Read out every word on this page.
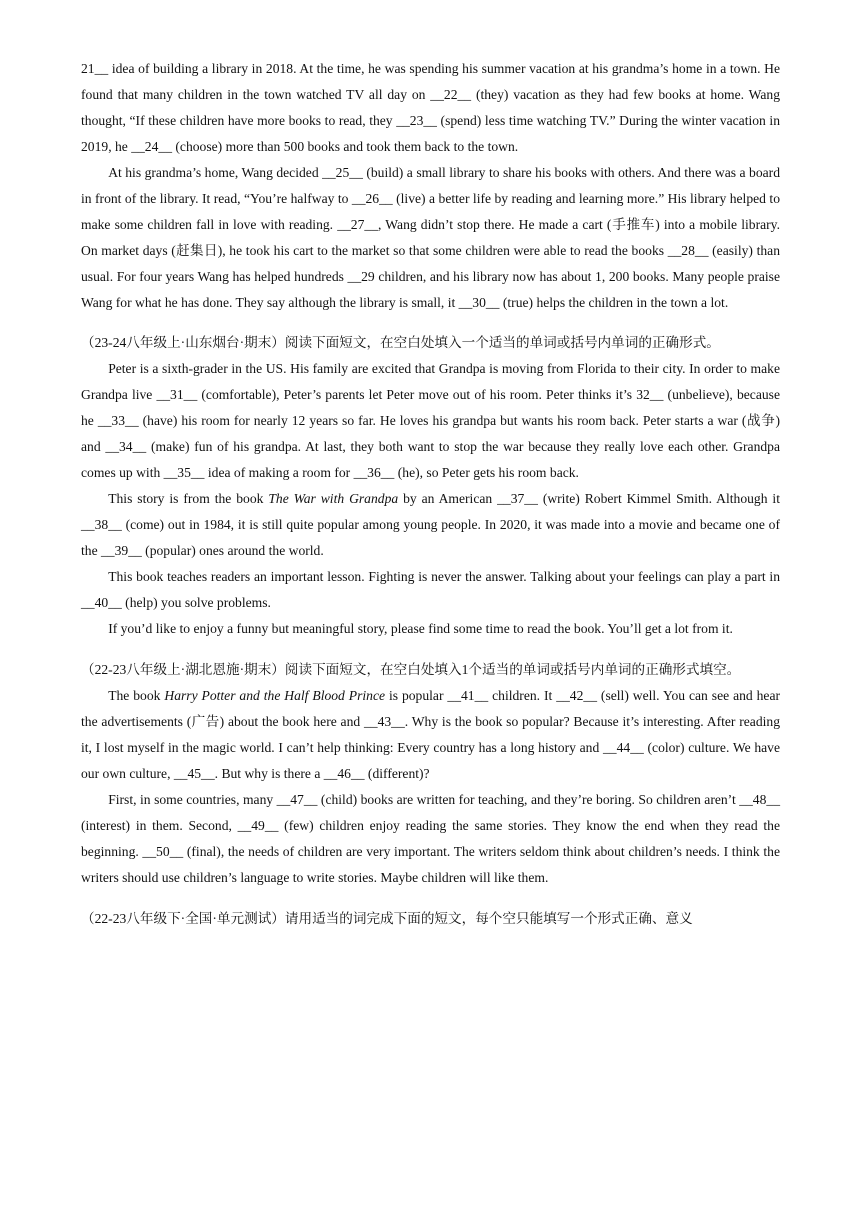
21__ idea of building a library in 2018. At the time, he was spending his summer vacation at his grandma’s home in a town. He found that many children in the town watched TV all day on __22__ (they) vacation as they had few books at home. Wang thought, “If these children have more books to read, they __23__ (spend) less time watching TV.” During the winter vacation in 2019, he __24__ (choose) more than 500 books and took them back to the town.

At his grandma’s home, Wang decided __25__ (build) a small library to share his books with others. And there was a board in front of the library. It read, “You’re halfway to __26__ (live) a better life by reading and learning more.” His library helped to make some children fall in love with reading. __27__, Wang didn’t stop there. He made a cart (手推车) into a mobile library. On market days (赶集日), he took his cart to the market so that some children were able to read the books __28__ (easily) than usual. For four years Wang has helped hundreds __29 children, and his library now has about 1, 200 books. Many people praise Wang for what he has done. They say although the library is small, it __30__ (true) helps the children in the town a lot.

（23-24八年级上·山东烟台·期末）阅读下面短文，在空白处填入一个适当的单词或括号内单词的正确形式。

Peter is a sixth-grader in the US. His family are excited that Grandpa is moving from Florida to their city. In order to make Grandpa live __31__ (comfortable), Peter’s parents let Peter move out of his room. Peter thinks it’s 32__ (unbelieve), because he __33__ (have) his room for nearly 12 years so far. He loves his grandpa but wants his room back. Peter starts a war (战争) and __34__ (make) fun of his grandpa. At last, they both want to stop the war because they really love each other. Grandpa comes up with __35__ idea of making a room for __36__ (he), so Peter gets his room back.

This story is from the book The War with Grandpa by an American __37__ (write) Robert Kimmel Smith. Although it __38__ (come) out in 1984, it is still quite popular among young people. In 2020, it was made into a movie and became one of the __39__ (popular) ones around the world.

This book teaches readers an important lesson. Fighting is never the answer. Talking about your feelings can play a part in __40__ (help) you solve problems.

If you’d like to enjoy a funny but meaningful story, please find some time to read the book. You’ll get a lot from it.

（22-23八年级上·湖北恩施·期末）阅读下面短文，在空白处填入1个适当的单词或括号内单词的正确形式填空。

The book Harry Potter and the Half Blood Prince is popular __41__ children. It __42__ (sell) well. You can see and hear the advertisements (广告) about the book here and __43__. Why is the book so popular? Because it’s interesting. After reading it, I lost myself in the magic world. I can’t help thinking: Every country has a long history and __44__ (color) culture. We have our own culture, __45__. But why is there a __46__ (different)?

First, in some countries, many __47__ (child) books are written for teaching, and they’re boring. So children aren’t __48__ (interest) in them. Second, __49__ (few) children enjoy reading the same stories. They know the end when they read the beginning. __50__ (final), the needs of children are very important. The writers seldom think about children’s needs. I think the writers should use children’s language to write stories. Maybe children will like them.

（22-23八年级下·全国·单元测试）请用适当的词完成下面的短文，每个空只能填写一个形式正确、意义
